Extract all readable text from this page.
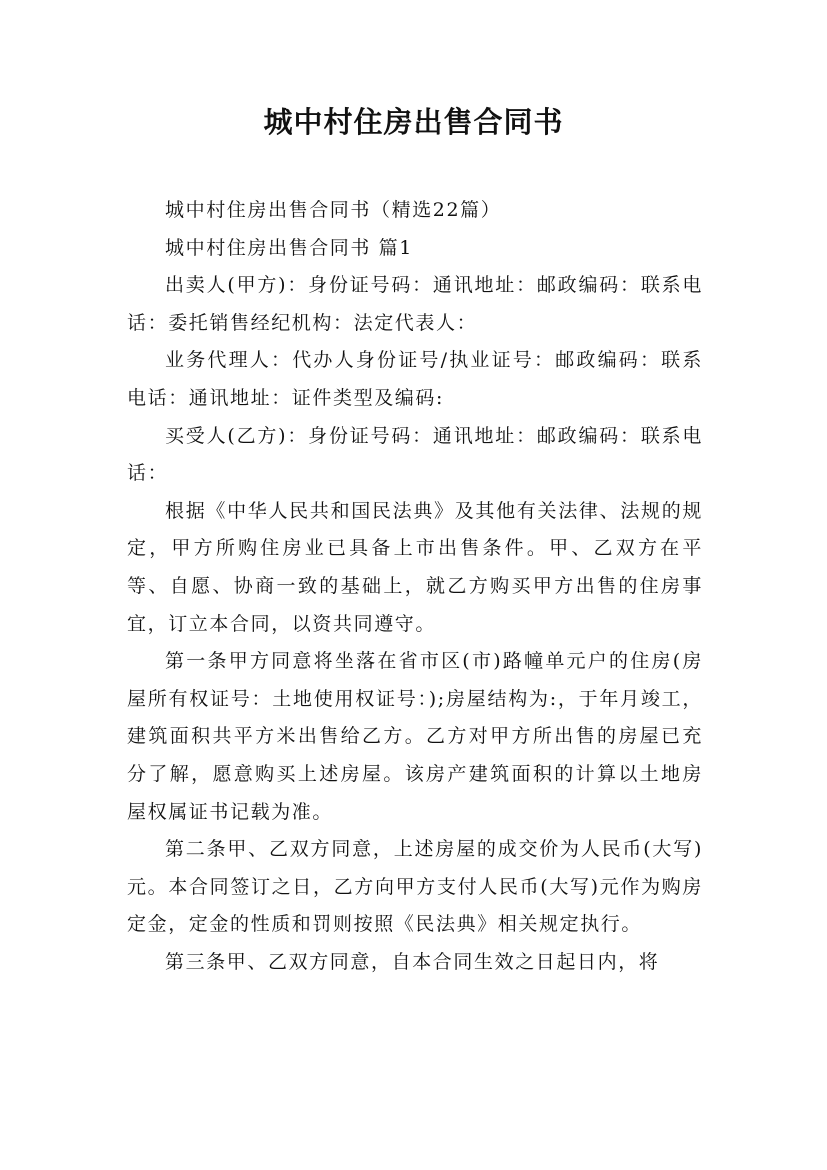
城中村住房出售合同书

城中村住房出售合同书（精选22篇）

城中村住房出售合同书 篇1

出卖人(甲方)：身份证号码：通讯地址：邮政编码：联系电话：委托销售经纪机构：法定代表人：

业务代理人：代办人身份证号/执业证号：邮政编码：联系电话：通讯地址：证件类型及编码:

买受人(乙方)：身份证号码：通讯地址：邮政编码：联系电话：

根据《中华人民共和国民法典》及其他有关法律、法规的规定，甲方所购住房业已具备上市出售条件。甲、乙双方在平等、自愿、协商一致的基础上，就乙方购买甲方出售的住房事宜，订立本合同，以资共同遵守。

第一条甲方同意将坐落在省市区(市)路幢单元户的住房(房屋所有权证号：土地使用权证号：);房屋结构为:，于年月竣工，建筑面积共平方米出售给乙方。乙方对甲方所出售的房屋已充分了解，愿意购买上述房屋。该房产建筑面积的计算以土地房屋权属证书记载为准。

第二条甲、乙双方同意，上述房屋的成交价为人民币(大写)元。本合同签订之日，乙方向甲方支付人民币(大写)元作为购房定金，定金的性质和罚则按照《民法典》相关规定执行。

第三条甲、乙双方同意，自本合同生效之日起日内，将
